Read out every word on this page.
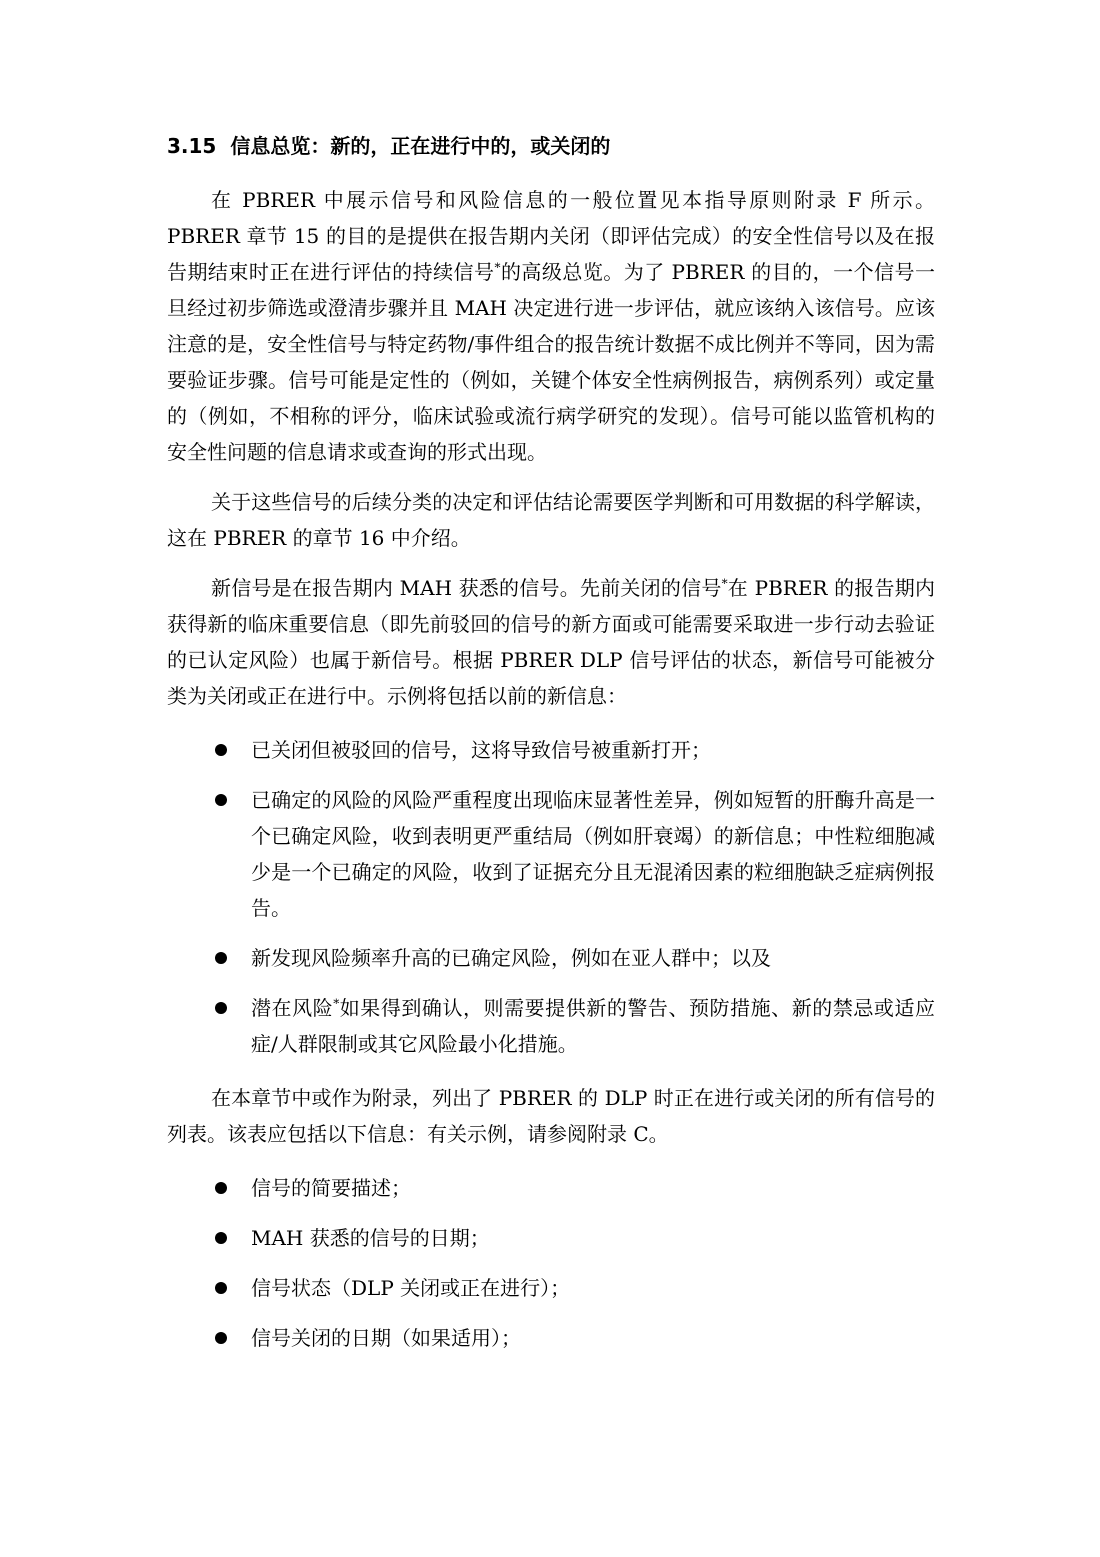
3.15 信息总览：新的，正在进行中的，或关闭的

在 PBRER 中展示信号和风险信息的一般位置见本指导原则附录 F 所示。PBRER 章节 15 的目的是提供在报告期内关闭（即评估完成）的安全性信号以及在报告期结束时正在进行评估的持续信号*的高级总览。为了 PBRER 的目的，一个信号一旦经过初步筛选或澄清步骤并且 MAH 决定进行进一步评估，就应该纳入该信号。应该注意的是，安全性信号与特定药物/事件组合的报告统计数据不成比例并不等同，因为需要验证步骤。信号可能是定性的（例如，关键个体安全性病例报告，病例系列）或定量的（例如，不相称的评分，临床试验或流行病学研究的发现）。信号可能以监管机构的安全性问题的信息请求或查询的形式出现。

关于这些信号的后续分类的决定和评估结论需要医学判断和可用数据的科学解读，这在 PBRER 的章节 16 中介绍。

新信号是在报告期内 MAH 获悉的信号。先前关闭的信号*在 PBRER 的报告期内获得新的临床重要信息（即先前驳回的信号的新方面或可能需要采取进一步行动去验证的已认定风险）也属于新信号。根据 PBRER DLP 信号评估的状态，新信号可能被分类为关闭或正在进行中。示例将包括以前的新信息：

已关闭但被驳回的信号，这将导致信号被重新打开；
已确定的风险的风险严重程度出现临床显著性差异，例如短暂的肝酶升高是一个已确定风险，收到表明更严重结局（例如肝衰竭）的新信息；中性粒细胞减少是一个已确定的风险，收到了证据充分且无混淆因素的粒细胞缺乏症病例报告。
新发现风险频率升高的已确定风险，例如在亚人群中；以及
潜在风险*如果得到确认，则需要提供新的警告、预防措施、新的禁忌或适应症/人群限制或其它风险最小化措施。

在本章节中或作为附录，列出了 PBRER 的 DLP 时正在进行或关闭的所有信号的列表。该表应包括以下信息：有关示例，请参阅附录 C。

信号的简要描述；
MAH 获悉的信号的日期；
信号状态（DLP 关闭或正在进行）；
信号关闭的日期（如果适用）；
